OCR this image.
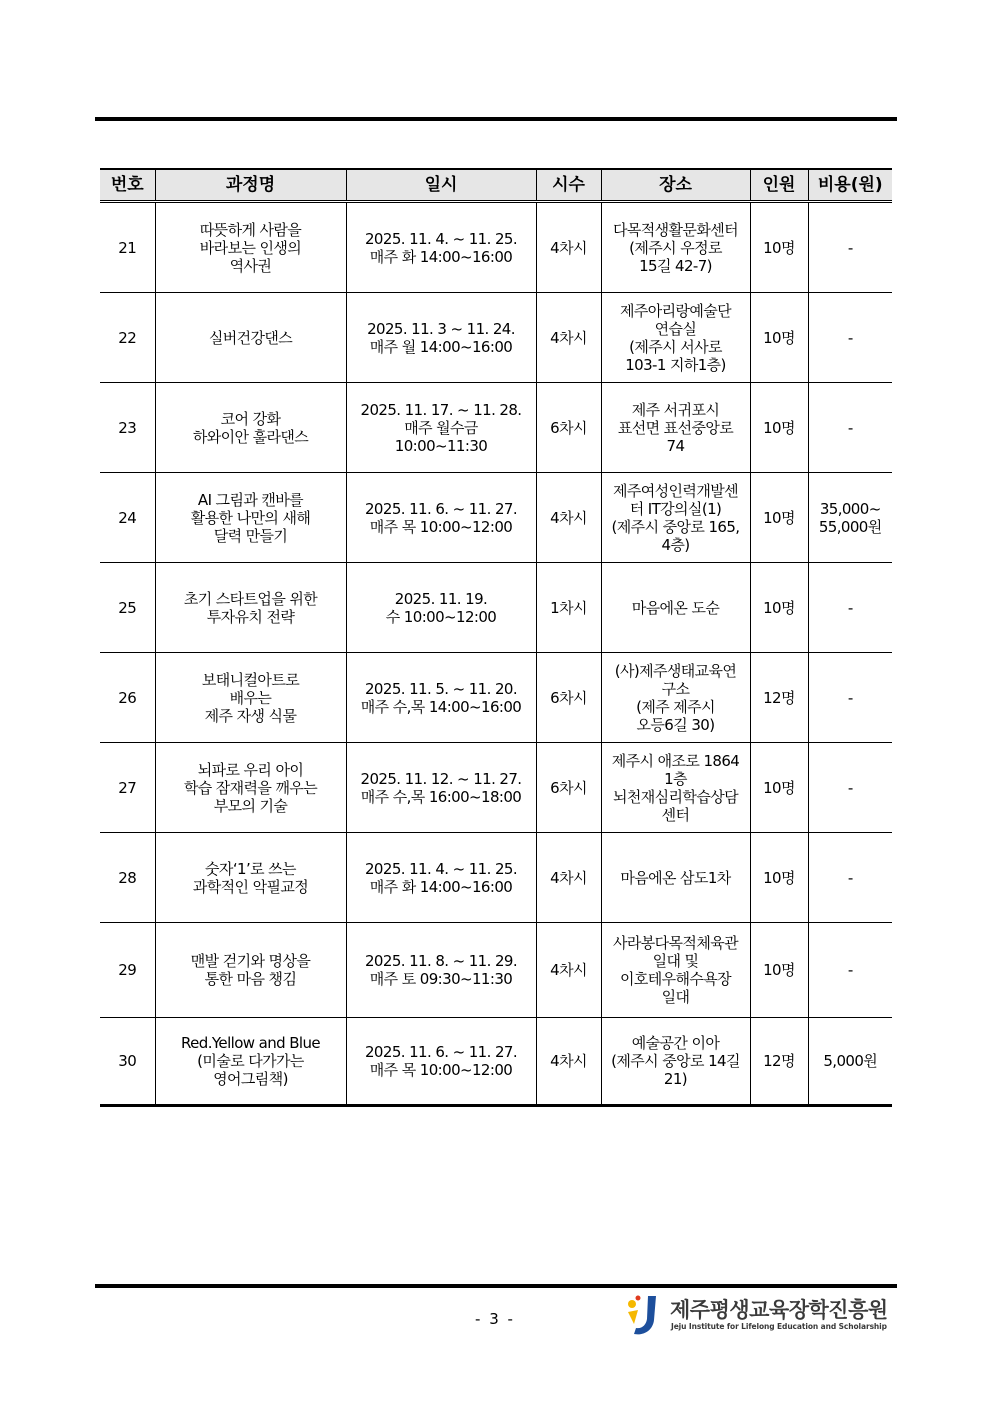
번호	과정명	일시	시수	장소	인원	비용(원)
21	따뜻하게 사람을
바라보는 인생의
역사권	2025. 11. 4. ~ 11. 25.
매주 화 14:00~16:00	4차시	다목적생활문화센터
(제주시 우정로
15길 42-7)	10명	-
22	실버건강댄스	2025. 11. 3 ~ 11. 24.
매주 월 14:00~16:00	4차시	제주아리랑예술단
연습실
(제주시 서사로
103-1 지하1층)	10명	-
23	코어 강화
하와이안 훌라댄스	2025. 11. 17. ~ 11. 28.
매주 월수금
10:00~11:30	6차시	제주 서귀포시
표선면 표선중앙로
74	10명	-
24	AI 그림과 캔바를
활용한 나만의 새해
달력 만들기	2025. 11. 6. ~ 11. 27.
매주 목 10:00~12:00	4차시	제주여성인력개발센
터 IT강의실(1)
(제주시 중앙로 165,
4층)	10명	35,000~
55,000원
25	초기 스타트업을 위한
투자유치 전략	2025. 11. 19.
수 10:00~12:00	1차시	마음에온 도순	10명	-
26	보태니컬아트로
배우는
제주 자생 식물	2025. 11. 5. ~ 11. 20.
매주 수,목 14:00~16:00	6차시	(사)제주생태교육연
구소
(제주 제주시
오등6길 30)	12명	-
27	뇌파로 우리 아이
학습 잠재력을 깨우는
부모의 기술	2025. 11. 12. ~ 11. 27.
매주 수,목 16:00~18:00	6차시	제주시 애조로 1864
1층
뇌천재심리학습상담
센터	10명	-
28	숫자‘1’로 쓰는
과학적인 악필교정	2025. 11. 4. ~ 11. 25.
매주 화 14:00~16:00	4차시	마음에온 삼도1차	10명	-
29	맨발 걷기와 명상을
통한 마음 챙김	2025. 11. 8. ~ 11. 29.
매주 토 09:30~11:30	4차시	사라봉다목적체육관
일대 및
이호테우해수욕장
일대	10명	-
30	Red.Yellow and Blue
(미술로 다가가는
영어그림책)	2025. 11. 6. ~ 11. 27.
매주 목 10:00~12:00	4차시	예술공간 이아
(제주시 중앙로 14길
21)	12명	5,000원
- 3 -	제주평생교육장학진흥원
Jeju Institute for Lifelong Education and Scholarship
